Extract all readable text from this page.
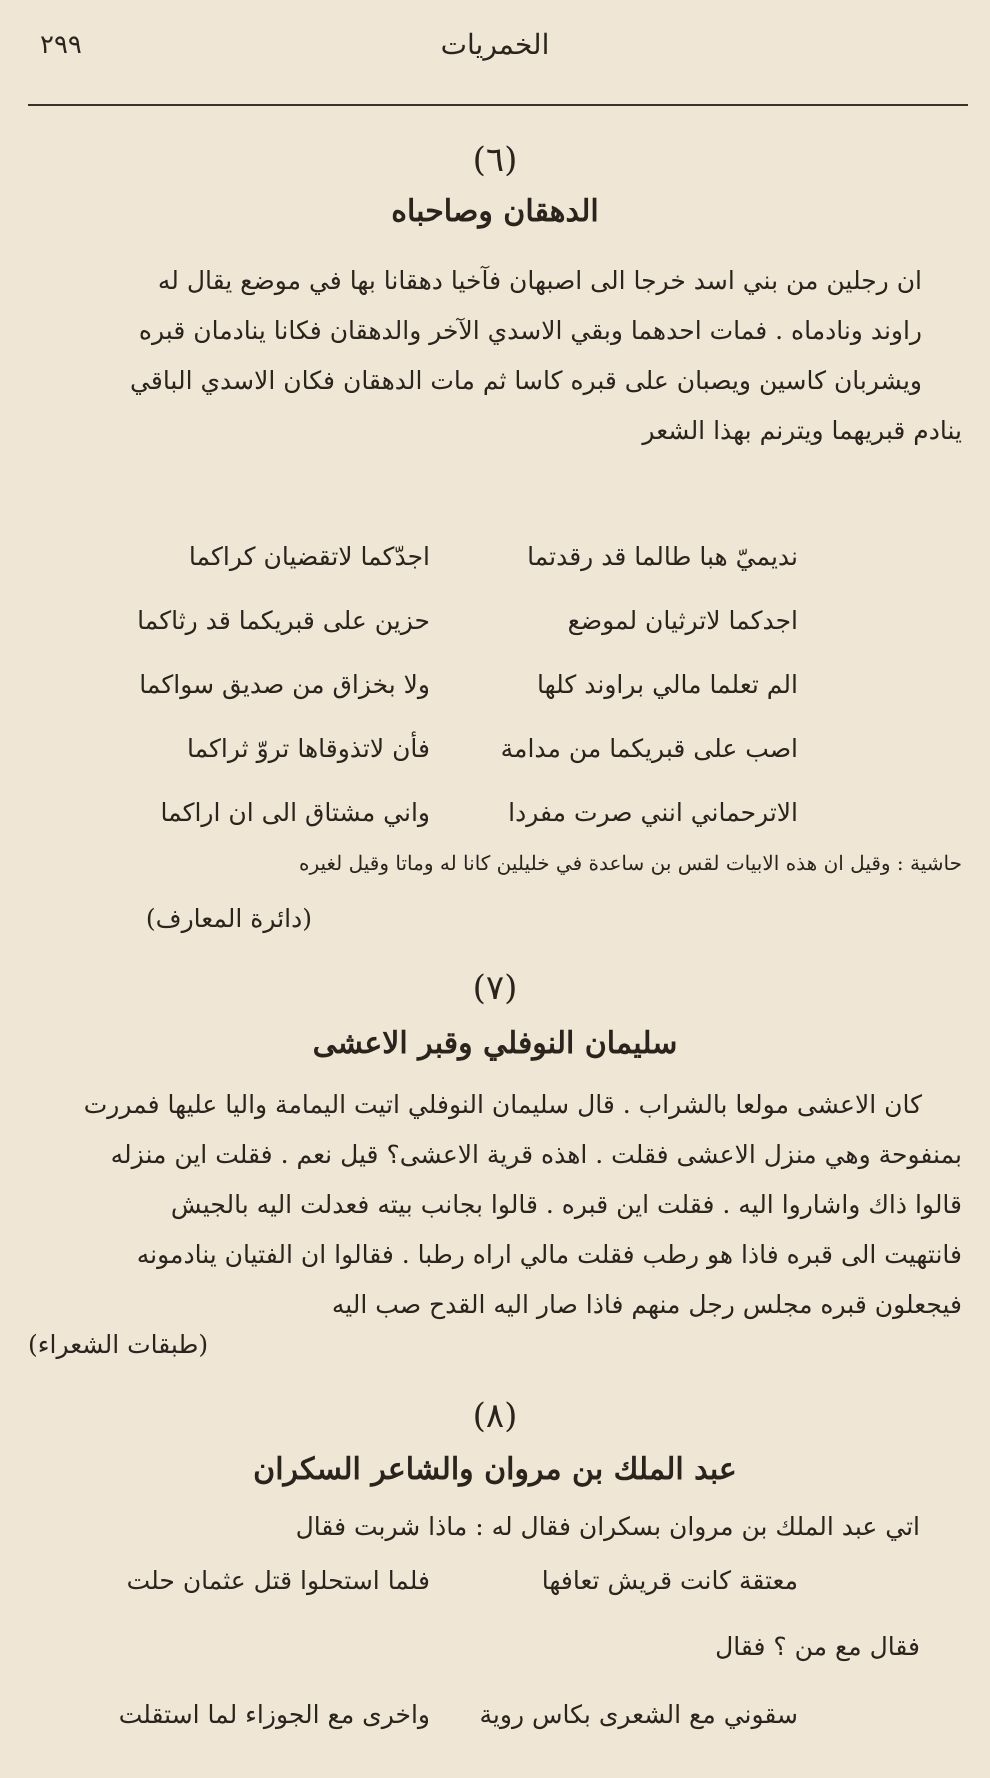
الخمريات
٢٩٩
(٦)
الدهقان وصاحباه
ان رجلين من بني اسد خرجا الى اصبهان فآخيا دهقانا بها في موضع يقال له
راوند ونادماه . فمات احدهما وبقي الاسدي الآخر والدهقان فكانا ينادمان قبره
ويشربان كاسين ويصبان على قبره كاسا ثم مات الدهقان فكان الاسدي الباقي
ينادم قبريهما ويترنم بهذا الشعر
نديميّ هبا طالما قد رقدتما
اجدّكما لاتقضيان كراكما
اجدكما لاترثيان لموضع
حزين على قبريكما قد رثاكما
الم تعلما مالي براوند كلها
ولا بخزاق من صديق سواكما
اصب على قبريكما من مدامة
فأن لاتذوقاها تروّ ثراكما
الاترحماني انني صرت مفردا
واني مشتاق الى ان اراكما
حاشية : وقيل ان هذه الابيات لقس بن ساعدة في خليلين كانا له وماتا وقيل لغيره
(دائرة المعارف)
(٧)
سليمان النوفلي وقبر الاعشى
كان الاعشى مولعا بالشراب . قال سليمان النوفلي اتيت اليمامة واليا عليها فمررت
بمنفوحة وهي منزل الاعشى فقلت . اهذه قرية الاعشى؟ قيل نعم . فقلت اين منزله
قالوا ذاك واشاروا اليه . فقلت اين قبره . قالوا بجانب بيته فعدلت اليه بالجيش
فانتهيت الى قبره فاذا هو رطب فقلت مالي اراه رطبا . فقالوا ان الفتيان ينادمونه
فيجعلون قبره مجلس رجل منهم فاذا صار اليه القدح صب اليه
(طبقات الشعراء)
(٨)
عبد الملك بن مروان والشاعر السكران
اتي عبد الملك بن مروان بسكران فقال له : ماذا شربت فقال
معتقة كانت قريش تعافها
فلما استحلوا قتل عثمان حلت
فقال مع من ؟ فقال
سقوني مع الشعرى بكاس روية
واخرى مع الجوزاء لما استقلت
